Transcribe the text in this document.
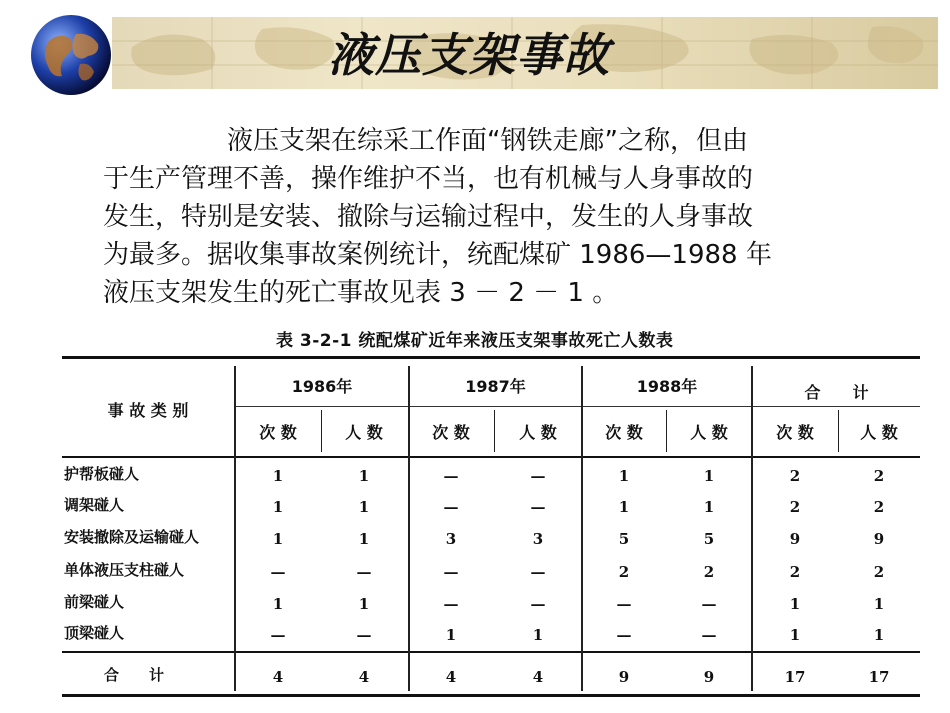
液压支架事故
液压支架在综采工作面“钢铁走廊”之称，但由
于生产管理不善，操作维护不当，也有机械与人身事故的
发生，特别是安装、撤除与运输过程中，发生的人身事故
为最多。据收集事故案例统计，统配煤矿 1986—1988 年
液压支架发生的死亡事故见表 3 － 2 － 1 。
表 3-2-1 统配煤矿近年来液压支架事故死亡人数表
事 故 类 别
1986年	1987年	1988年	合　　计
次 数	人 数	次 数	人 数	次 数	人 数	次 数	人 数
护帮板碰人	1	1	—	—	1	1	2	2
调架碰人	1	1	—	—	1	1	2	2
安装撤除及运输碰人	1	1	3	3	5	5	9	9
单体液压支柱碰人	—	—	—	—	2	2	2	2
前梁碰人	1	1	—	—	—	—	1	1
顶梁碰人	—	—	1	1	—	—	1	1
合　　计	4	4	4	4	9	9	17	17
